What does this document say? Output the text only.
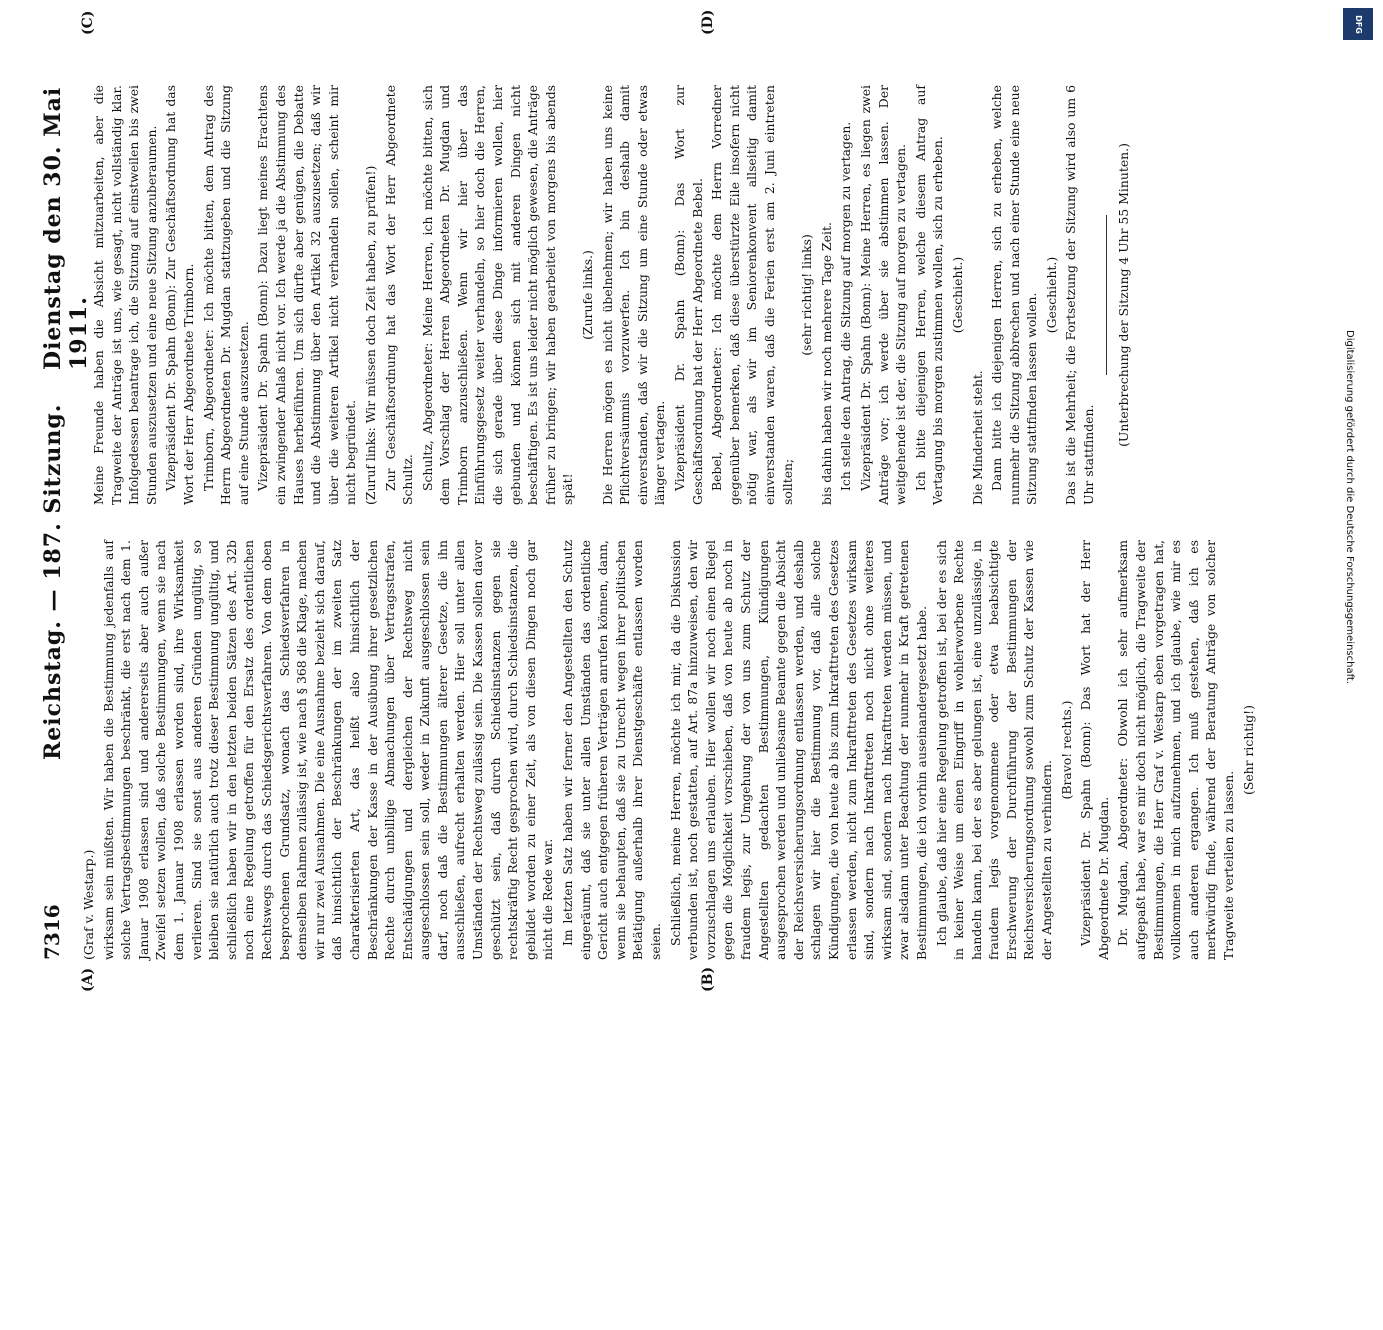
7316
Reichstag. — 187. Sitzung.
Dienstag den 30. Mai 1911.
(A)	(B)
(C)	(D)

(Graf v. Westarp.) wirksam sein müßten. Wir haben die Bestimmung jedenfalls auf solche Vertragsbestimmungen beschränkt, die erst nach dem 1. Januar 1908 erlassen sind und andererseits aber auch außer Zweifel setzen wollen, daß solche Bestimmungen, wenn sie nach dem 1. Januar 1908 erlassen worden sind, ihre Wirksamkeit verlieren. Sind sie sonst aus anderen Gründen ungültig, so bleiben sie natürlich auch trotz dieser Bestimmung ungültig, und schließlich haben wir in den letzten beiden Sätzen des Art. 32b noch eine Regelung getroffen für den Ersatz des ordentlichen Rechtswegs durch das Schiedsgerichtsverfahren. Von dem oben besprochenen Grundsatz, wonach das Schiedsverfahren in demselben Rahmen zulässig ist, wie nach § 368 die Klage, machen wir nur zwei Ausnahmen. Die eine Ausnahme bezieht sich darauf, daß hinsichtlich der Beschränkungen der im zweiten Satz charakterisierten Art, das heißt also hinsichtlich der Beschränkungen der Kasse in der Ausübung ihrer gesetzlichen Rechte durch unbillige Abmachungen über Vertragsstrafen, Entschädigungen und dergleichen der Rechtsweg nicht ausgeschlossen sein soll, weder in Zukunft ausgeschlossen sein darf, noch daß die Bestimmungen älterer Gesetze, die ihn ausschließen, aufrecht erhalten werden. Hier soll unter allen Umständen der Rechtsweg zulässig sein. Die Kassen sollen davor geschützt sein, daß durch Schiedsinstanzen gegen sie rechtskräftig Recht gesprochen wird, durch Schiedsinstanzen, die gebildet worden zu einer Zeit, als von diesen Dingen noch gar nicht die Rede war. Im letzten Satz haben wir ferner den Angestellten den Schutz eingeräumt, daß sie unter allen Umständen das ordentliche Gericht auch entgegen früheren Verträgen anrufen können, dann, wenn sie behaupten, daß sie zu Unrecht wegen ihrer politischen Betätigung außerhalb ihrer Dienstgeschäfte entlassen worden seien. Schließlich, meine Herren, möchte ich mir, da die Diskussion verbunden ist, noch gestatten, auf Art. 87a hinzuweisen, den wir vorzuschlagen uns erlauben. Hier wollen wir noch einen Riegel gegen die Möglichkeit vorschieben, daß von heute ab noch in fraudem legis, zur Umgehung der von uns zum Schutz der Angestellten gedachten Bestimmungen, Kündigungen ausgesprochen werden und unliebsame Beamte gegen die Absicht der Reichsversicherungsordnung entlassen werden, und deshalb schlagen wir hier die Bestimmung vor, daß alle solche Kündigungen, die von heute ab bis zum Inkrafttreten des Gesetzes erlassen werden, nicht zum Inkrafttreten des Gesetzes wirksam sind, sondern nach Inkrafttreten noch nicht ohne weiteres wirksam sind, sondern nach Inkrafttreten werden müssen, und zwar alsdann unter Beachtung der nunmehr in Kraft getretenen Bestimmungen, die ich vorhin auseinandergesetzt habe. Ich glaube, daß hier eine Regelung getroffen ist, bei der es sich in keiner Weise um einen Eingriff in wohlerworbene Rechte handeln kann, bei der es aber gelungen ist, eine unzulässige, in fraudem legis vorgenommene oder etwa beabsichtigte Erschwerung der Durchführung der Bestimmungen der Reichsversicherungsordnung sowohl zum Schutz der Kassen wie der Angestellten zu verhindern.

(Bravo! rechts.) Vizepräsident Dr. Spahn (Bonn): Das Wort hat der Herr Abgeordnete Dr. Mugdan. Dr. Mugdan, Abgeordneter: Obwohl ich sehr aufmerksam aufgepaßt habe, war es mir doch nicht möglich, die Tragweite der Bestimmungen, die Herr Graf v. Westarp eben vorgetragen hat, vollkommen in mich aufzunehmen, und ich glaube, wie mir es auch anderen ergangen. Ich muß gestehen, daß ich es merkwürdig finde, während der Beratung Anträge von solcher Tragweite verteilen zu lassen.

(Sehr richtig!)

Meine Freunde haben die Absicht mitzuarbeiten, aber die Tragweite der Anträge ist uns, wie gesagt, nicht vollständig klar. Infolgedessen beantrage ich, die Sitzung auf einstweilen bis zwei Stunden auszusetzen und eine neue Sitzung anzuberaumen. Vizepräsident Dr. Spahn (Bonn): Zur Geschäftsordnung hat das Wort der Herr Abgeordnete Trimborn. Trimborn, Abgeordneter: Ich möchte bitten, dem Antrag des Herrn Abgeordneten Dr. Mugdan stattzugeben und die Sitzung auf eine Stunde auszusetzen. Vizepräsident Dr. Spahn (Bonn): Dazu liegt meines Erachtens ein zwingender Anlaß nicht vor. Ich werde ja die Abstimmung des Hauses herbeiführen. Um sich dürfte aber genügen, die Debatte und die Abstimmung über den Artikel 32 auszusetzen; daß wir über die weiteren Artikel nicht verhandeln sollen, scheint mir nicht begründet. (Zuruf links: Wir müssen doch Zeit haben, zu prüfen!) Zur Geschäftsordnung hat das Wort der Herr Abgeordnete Schultz. Schultz, Abgeordneter: Meine Herren, ich möchte bitten, sich dem Vorschlag der Herren Abgeordneten Dr. Mugdan und Trimborn anzuschließen. Wenn wir hier über das Einführungsgesetz weiter verhandeln, so hier doch die Herren, die sich gerade über diese Dinge informieren wollen, hier gebunden und können sich mit anderen Dingen nicht beschäftigen. Es ist uns leider nicht möglich gewesen, die Anträge früher zu bringen; wir haben gearbeitet von morgens bis abends spät!

(Zurufe links.) Die Herren mögen es nicht übelnehmen; wir haben uns keine Pflichtversäumnis vorzuwerfen. Ich bin deshalb damit einverstanden, daß wir die Sitzung um eine Stunde oder etwas länger vertagen. Vizepräsident Dr. Spahn (Bonn): Das Wort zur Geschäftsordnung hat der Herr Abgeordnete Bebel. Bebel, Abgeordneter: Ich möchte dem Herrn Vorredner gegenüber bemerken, daß diese überstürzte Eile insofern nicht nötig war, als wir im Seniorenkonvent allseitig damit einverstanden waren, daß die Ferien erst am 2. Juni eintreten sollten;

(sehr richtig! links) bis dahin haben wir noch mehrere Tage Zeit. Ich stelle den Antrag, die Sitzung auf morgen zu vertagen. Vizepräsident Dr. Spahn (Bonn): Meine Herren, es liegen zwei Anträge vor; ich werde über sie abstimmen lassen. Der weitgehende ist der, die Sitzung auf morgen zu vertagen. Ich bitte diejenigen Herren, welche diesem Antrag auf Vertagung bis morgen zustimmen wollen, sich zu erheben. (Geschieht.)

Die Minderheit steht. Dann bitte ich diejenigen Herren, sich zu erheben, welche nunmehr die Sitzung abbrechen und nach einer Stunde eine neue Sitzung stattfinden lassen wollen. (Geschieht.) Das ist die Mehrheit; die Fortsetzung der Sitzung wird also um 6 Uhr stattfinden.

(Unterbrechung der Sitzung 4 Uhr 55 Minuten.)

DFG
Digitalisierung gefördert durch die Deutsche Forschungsgemeinschaft.
